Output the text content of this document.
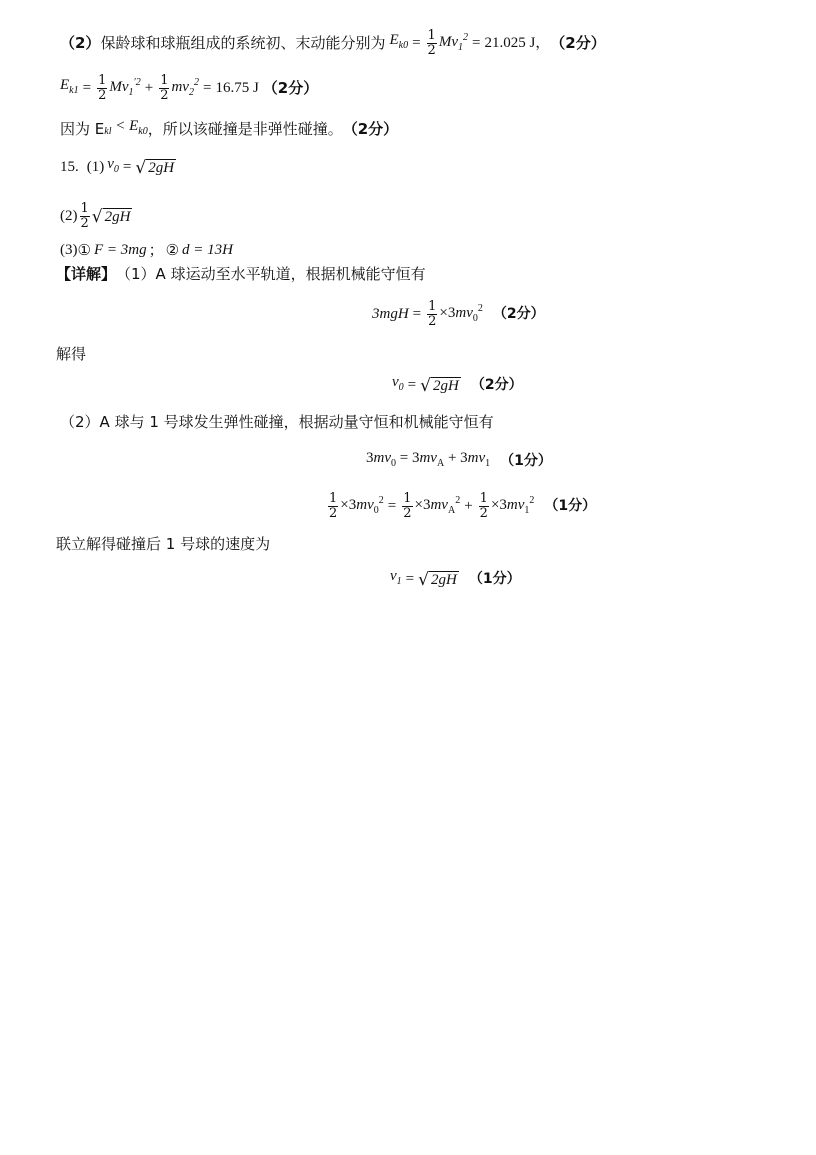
（2） 保龄球和球瓶组成的系统初、末动能分别为 $E_{k0} = \frac{1}{2} Mv_1^2 = 21.025$ J， （2分）
$E_{k1} = \frac{1}{2} Mv_1^{'2} + \frac{1}{2} mv_2^2 = 16.75$ J （2分）
因为 E $_{kl} < E_{k0}$ ，所以该碰撞是非弹性碰撞。 （2分）
15. (1) $v_0$ = √ 2gH
$(2) \frac{1}{2}$ √ 2gH
(3) ① F = 3mg ； ② d = 13H
【详解】 （1）A 球运动至水平轨道，根据机械能守恒有
$3mgH = \frac{1}{2} \times 3mv_0^2$ （2分）
解得
$v_0$ = √ 2gH （2分）
（2）A 球与 1 号球发生弹性碰撞，根据动量守恒和机械能守恒有
$3mv_0 = 3mv_A + 3mv_1$ （1分）
$\frac{1}{2} \times 3mv_0^2 = \frac{1}{2} \times 3mv_A^2 + \frac{1}{2} \times 3mv_1^2$ （1分）
联立解得碰撞后 1 号球的速度为
$v_1$ = √ 2gH （1分）
